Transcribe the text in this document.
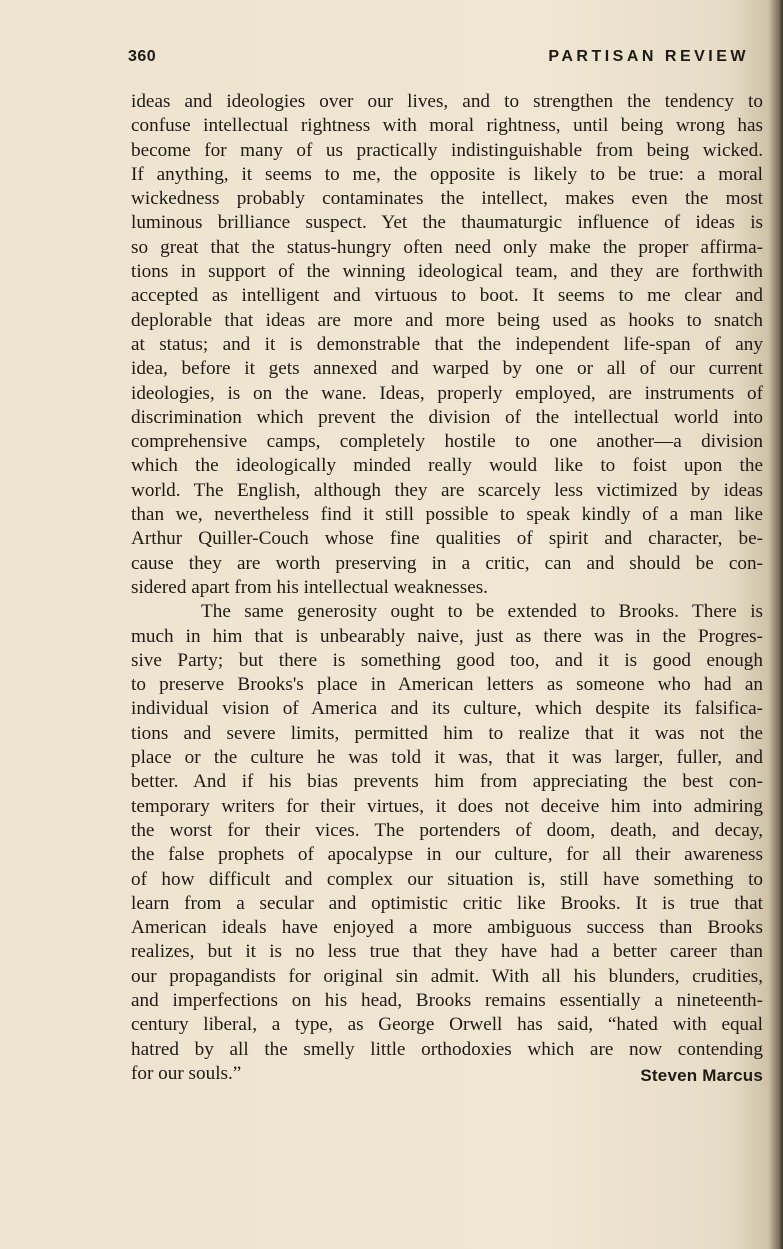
360	PARTISAN REVIEW
ideas and ideologies over our lives, and to strengthen the tendency to
confuse intellectual rightness with moral rightness, until being wrong has
become for many of us practically indistinguishable from being wicked.
If anything, it seems to me, the opposite is likely to be true: a moral
wickedness probably contaminates the intellect, makes even the most
luminous brilliance suspect. Yet the thaumaturgic influence of ideas is
so great that the status-hungry often need only make the proper affirma-
tions in support of the winning ideological team, and they are forthwith
accepted as intelligent and virtuous to boot. It seems to me clear and
deplorable that ideas are more and more being used as hooks to snatch
at status; and it is demonstrable that the independent life-span of any
idea, before it gets annexed and warped by one or all of our current
ideologies, is on the wane. Ideas, properly employed, are instruments of
discrimination which prevent the division of the intellectual world into
comprehensive camps, completely hostile to one another—a division
which the ideologically minded really would like to foist upon the
world. The English, although they are scarcely less victimized by ideas
than we, nevertheless find it still possible to speak kindly of a man like
Arthur Quiller-Couch whose fine qualities of spirit and character, be-
cause they are worth preserving in a critic, can and should be con-
sidered apart from his intellectual weaknesses.
The same generosity ought to be extended to Brooks. There is
much in him that is unbearably naive, just as there was in the Progres-
sive Party; but there is something good too, and it is good enough
to preserve Brooks's place in American letters as someone who had an
individual vision of America and its culture, which despite its falsifica-
tions and severe limits, permitted him to realize that it was not the
place or the culture he was told it was, that it was larger, fuller, and
better. And if his bias prevents him from appreciating the best con-
temporary writers for their virtues, it does not deceive him into admiring
the worst for their vices. The portenders of doom, death, and decay,
the false prophets of apocalypse in our culture, for all their awareness
of how difficult and complex our situation is, still have something to
learn from a secular and optimistic critic like Brooks. It is true that
American ideals have enjoyed a more ambiguous success than Brooks
realizes, but it is no less true that they have had a better career than
our propagandists for original sin admit. With all his blunders, crudities,
and imperfections on his head, Brooks remains essentially a nineteenth-
century liberal, a type, as George Orwell has said, “hated with equal
hatred by all the smelly little orthodoxies which are now contending
for our souls.”	Steven Marcus
